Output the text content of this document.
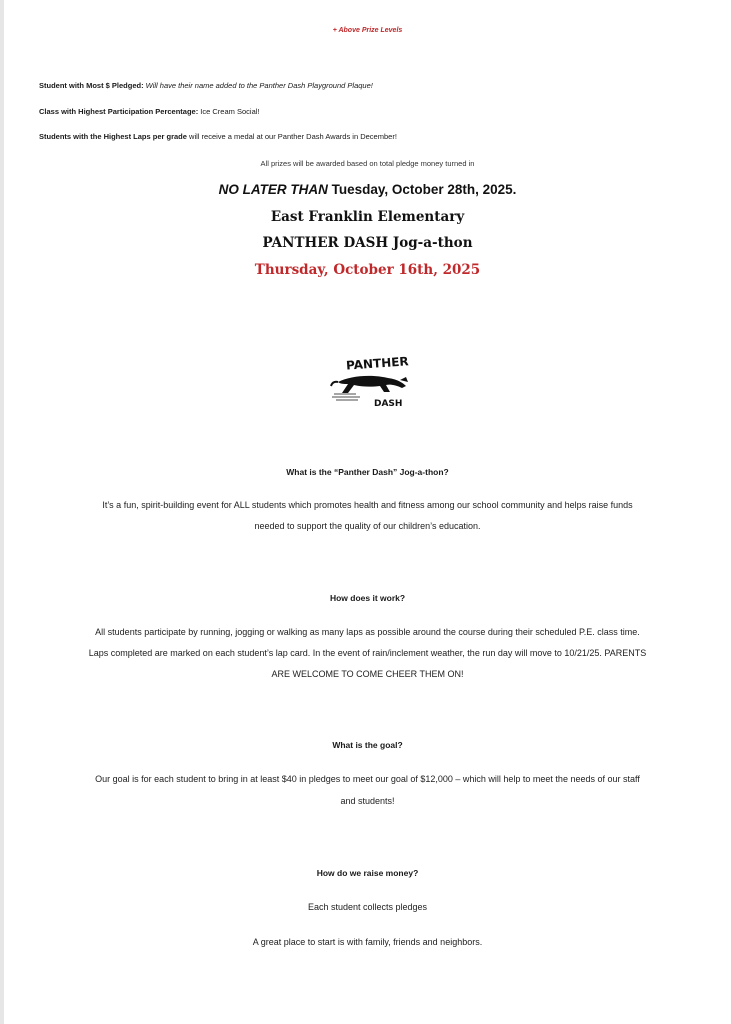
+ Above Prize Levels
Student with Most $ Pledged: Will have their name added to the Panther Dash Playground Plaque!
Class with Highest Participation Percentage: Ice Cream Social!
Students with the Highest Laps per grade will receive a medal at our Panther Dash Awards in December!
All prizes will be awarded based on total pledge money turned in
NO LATER THAN Tuesday, October 28th, 2025.
East Franklin Elementary
PANTHER DASH Jog-a-thon
Thursday, October 16th, 2025
PANTHER
DASH
What is the “Panther Dash” Jog-a-thon?
It’s a fun, spirit-building event for ALL students which promotes health and fitness among our school community and helps raise funds
needed to support the quality of our children’s education.
How does it work?
All students participate by running, jogging or walking as many laps as possible around the course during their scheduled P.E. class time.
Laps completed are marked on each student’s lap card. In the event of rain/inclement weather, the run day will move to 10/21/25. PARENTS
ARE WELCOME TO COME CHEER THEM ON!
What is the goal?
Our goal is for each student to bring in at least $40 in pledges to meet our goal of $12,000 – which will help to meet the needs of our staff
and students!
How do we raise money?
Each student collects pledges
A great place to start is with family, friends and neighbors.
